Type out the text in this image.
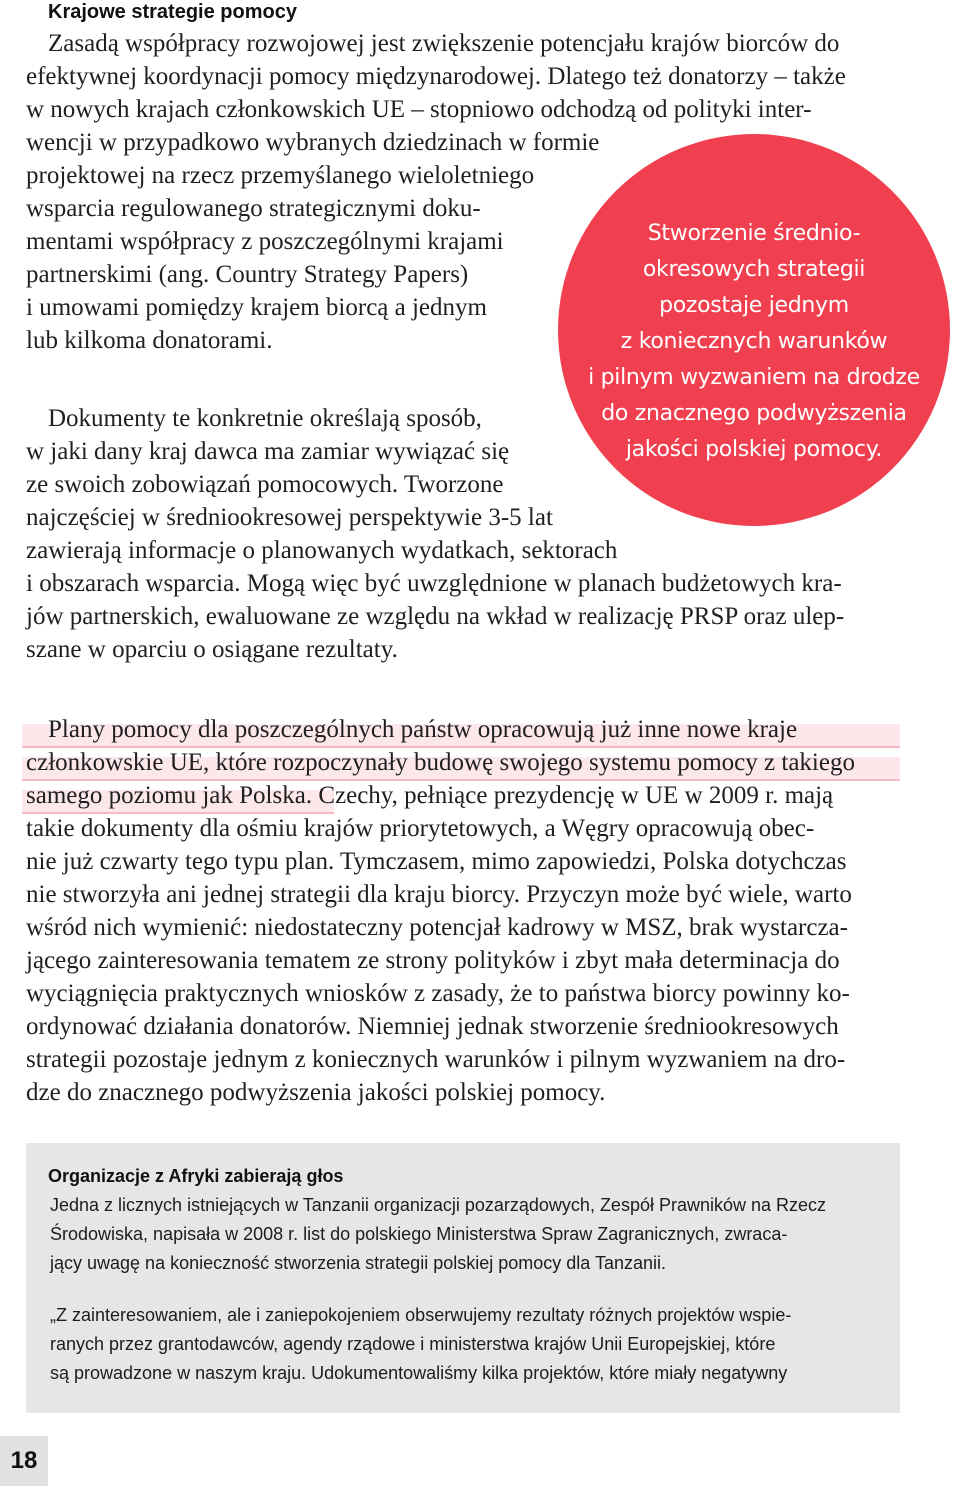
Krajowe strategie pomocy
Zasadą współpracy rozwojowej jest zwiększenie potencjału krajów biorców do
efektywnej koordynacji pomocy międzynarodowej. Dlatego też donatorzy – także
w nowych krajach członkowskich UE – stopniowo odchodzą od polityki inter-
wencji w przypadkowo wybranych dziedzinach w formie
projektowej na rzecz przemyślanego wieloletniego
wsparcia regulowanego strategicznymi doku-
mentami współpracy z poszczególnymi krajami
partnerskimi (ang. Country Strategy Papers)
i umowami pomiędzy krajem biorcą a jednym
lub kilkoma donatorami.
Dokumenty te konkretnie określają sposób,
w jaki dany kraj dawca ma zamiar wywiązać się
ze swoich zobowiązań pomocowych. Tworzone
najczęściej w średniookresowej perspektywie 3-5 lat
zawierają informacje o planowanych wydatkach, sektorach
i obszarach wsparcia. Mogą więc być uwzględnione w planach budżetowych kra-
jów partnerskich, ewaluowane ze względu na wkład w realizację PRSP oraz ulep-
szane w oparciu o osiągane rezultaty.
Plany pomocy dla poszczególnych państw opracowują już inne nowe kraje
członkowskie UE, które rozpoczynały budowę swojego systemu pomocy z takiego
samego poziomu jak Polska. Czechy, pełniące prezydencję w UE w 2009 r. mają
takie dokumenty dla ośmiu krajów priorytetowych, a Węgry opracowują obec-
nie już czwarty tego typu plan. Tymczasem, mimo zapowiedzi, Polska dotychczas
nie stworzyła ani jednej strategii dla kraju biorcy. Przyczyn może być wiele, warto
wśród nich wymienić: niedostateczny potencjał kadrowy w MSZ, brak wystarcza-
jącego zainteresowania tematem ze strony polityków i zbyt mała determinacja do
wyciągnięcia praktycznych wniosków z zasady, że to państwa biorcy powinny ko-
ordynować działania donatorów. Niemniej jednak stworzenie średniookresowych
strategii pozostaje jednym z koniecznych warunków i pilnym wyzwaniem na dro-
dze do znacznego podwyższenia jakości polskiej pomocy.
Stworzenie średnio-
okresowych strategii
pozostaje jednym
z koniecznych warunków
i pilnym wyzwaniem na drodze
do znacznego podwyższenia
jakości polskiej pomocy.
Organizacje z Afryki zabierają głos
Jedna z licznych istniejących w Tanzanii organizacji pozarządowych, Zespół Prawników na Rzecz
Środowiska, napisała w 2008 r. list do polskiego Ministerstwa Spraw Zagranicznych, zwraca-
jący uwagę na konieczność stworzenia strategii polskiej pomocy dla Tanzanii.
„Z zainteresowaniem, ale i zaniepokojeniem obserwujemy rezultaty różnych projektów wspie-
ranych przez grantodawców, agendy rządowe i ministerstwa krajów Unii Europejskiej, które
są prowadzone w naszym kraju. Udokumentowaliśmy kilka projektów, które miały negatywny
18
